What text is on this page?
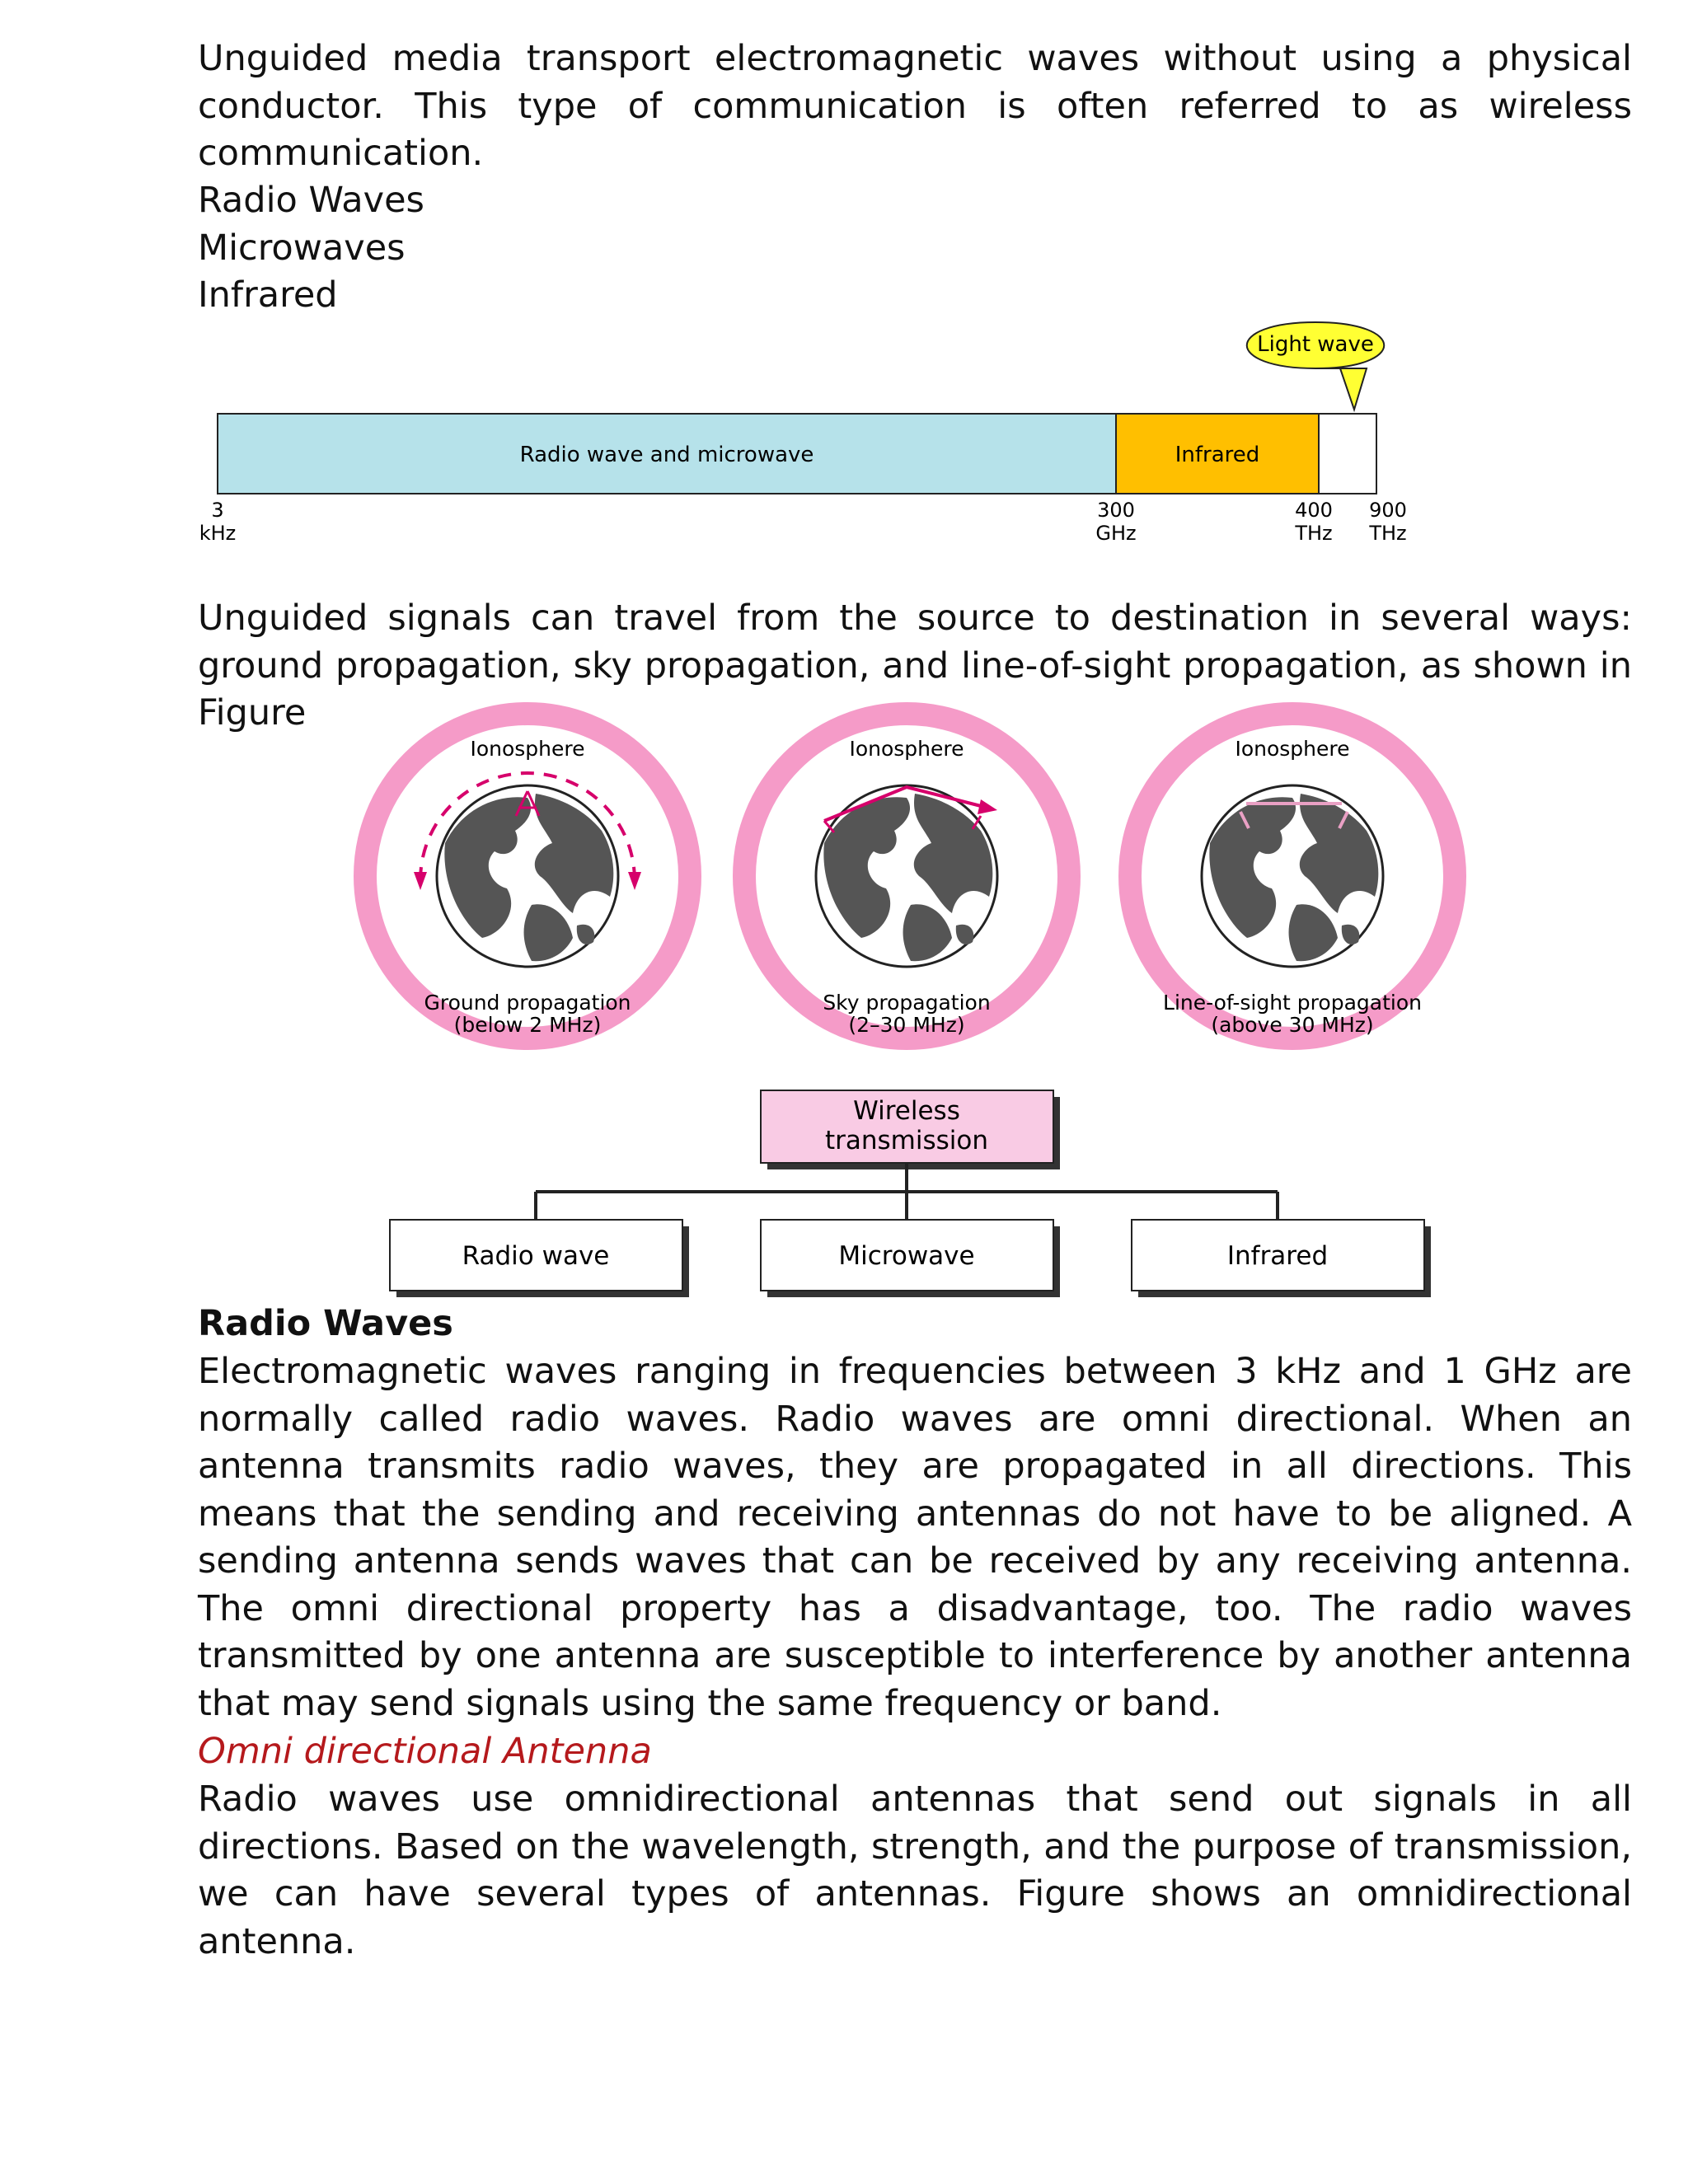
Unguided media transport electromagnetic waves without using a physical conductor. This type of communication is often referred to as wireless communication.

Radio Waves

Microwaves

Infrared

Light wave
Radio wave and microwave	Infrared
3
kHz
300
GHz
400
THz
900
THz

Unguided signals can travel from the source to destination in several ways: ground propagation, sky propagation, and line-of-sight propagation, as shown in Figure

Ionosphere
Ground propagation
(below 2 MHz)
Ionosphere
Sky propagation
(2–30 MHz)
Ionosphere
Line-of-sight propagation
(above 30 MHz)
Wireless
transmission
Radio wave	Microwave	Infrared

Radio Waves

Electromagnetic waves ranging in frequencies between 3 kHz and 1 GHz are normally called radio waves. Radio waves are omni directional. When an antenna transmits radio waves, they are propagated in all directions. This means that the sending and receiving antennas do not have to be aligned. A sending antenna sends waves that can be received by any receiving antenna. The omni directional property has a disadvantage, too. The radio waves transmitted by one antenna are susceptible to interference by another antenna that may send signals using the same frequency or band.

Omni directional Antenna

Radio waves use omnidirectional antennas that send out signals in all directions. Based on the wavelength, strength, and the purpose of transmission, we can have several types of antennas. Figure shows an omnidirectional antenna.
